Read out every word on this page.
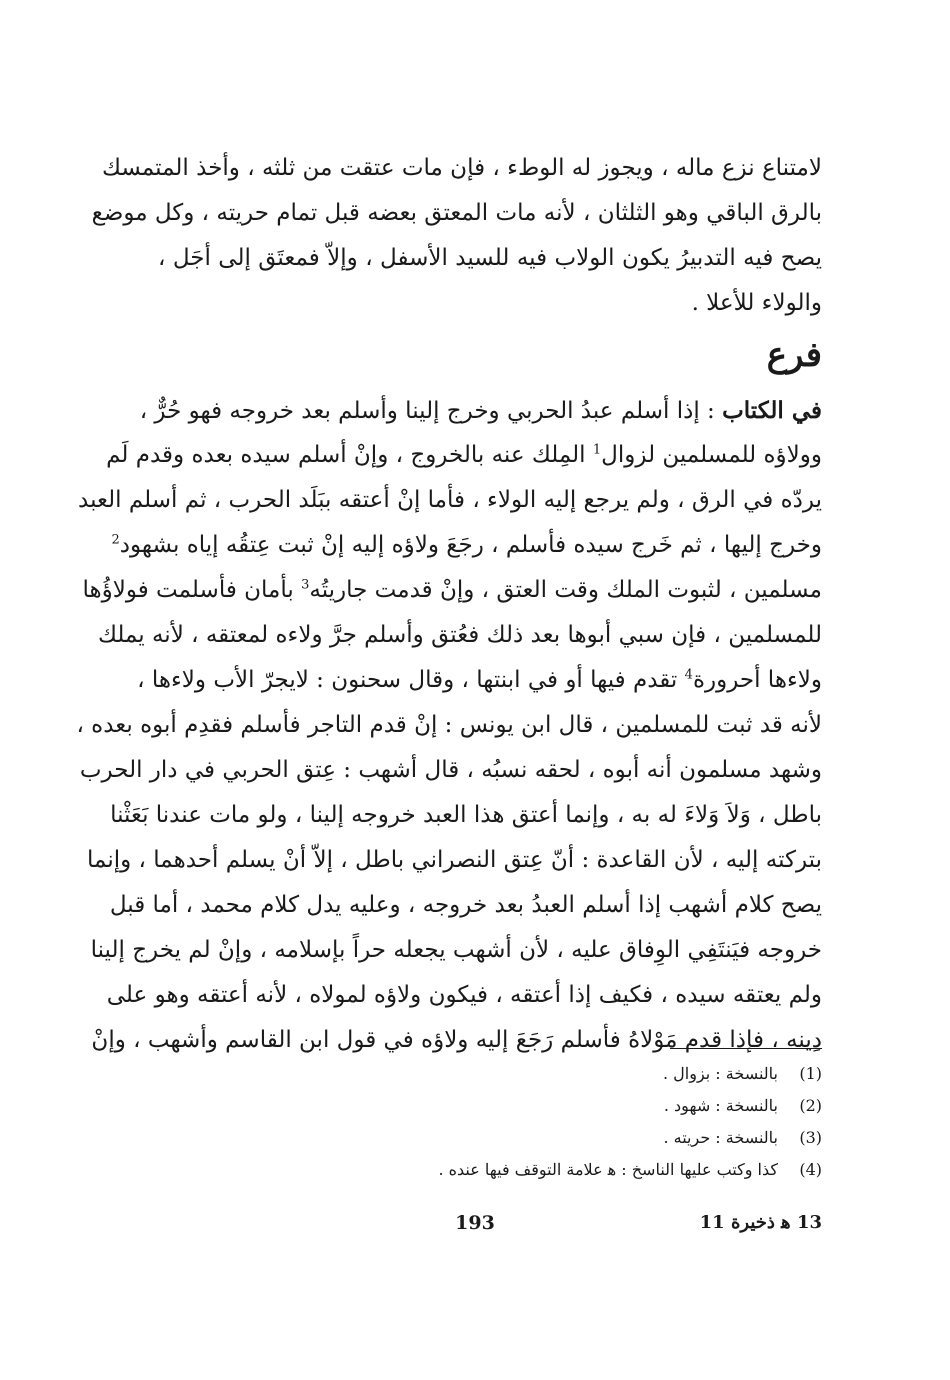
لامتناع نزع ماله ، ويجوز له الوطء ، فإن مات عتقت من ثلثه ، وأخذ المتمسك
بالرق الباقي وهو الثلثان ، لأنه مات المعتق بعضه قبل تمام حريته ، وكل موضع
يصح فيه التدبيرُ يكون الولاب فيه للسيد الأسفل ، وإلاّ فمعتَق إلى أجَل ،
والولاء للأعلا .
فرع
في الكتاب : إذا أسلم عبدُ الحربي وخرج إلينا وأسلم بعد خروجه فهو حُرٌّ ،
وولاؤه للمسلمين لزوال$^1$ المِلك عنه بالخروج ، وإنْ أسلم سيده بعده وقدم لَم
يردّه في الرق ، ولم يرجع إليه الولاء ، فأما إنْ أعتقه ببَلَد الحرب ، ثم أسلم العبد
وخرج إليها ، ثم خَرج سيده فأسلم ، رجَعَ ولاؤه إليه إنْ ثبت عِتقُه إياه بشهود$^2$
مسلمين ، لثبوت الملك وقت العتق ، وإنْ قدمت جاريتُه$^3$ بأمان فأسلمت فولاؤُها
للمسلمين ، فإن سبي أبوها بعد ذلك فعُتق وأسلم جرَّ ولاءه لمعتقه ، لأنه يملك
ولاءها أحرورة$^4$ تقدم فيها أو في ابنتها ، وقال سحنون : لايجرّ الأب ولاءها ،
لأنه قد ثبت للمسلمين ، قال ابن يونس : إنْ قدم التاجر فأسلم فقدِم أبوه بعده ،
وشهد مسلمون أنه أبوه ، لحقه نسبُه ، قال أشهب : عِتق الحربي في دار الحرب
باطل ، وَلاَ وَلاءَ له به ، وإنما أعتق هذا العبد خروجه إلينا ، ولو مات عندنا بَعَثْنا
بتركته إليه ، لأن القاعدة : أنّ عِتق النصراني باطل ، إلاّ أنْ يسلم أحدهما ، وإنما
يصح كلام أشهب إذا أسلم العبدُ بعد خروجه ، وعليه يدل كلام محمد ، أما قبل
خروجه فيَنتَفِي الوِفاق عليه ، لأن أشهب يجعله حراً بإسلامه ، وإنْ لم يخرج إلينا
ولم يعتقه سيده ، فكيف إذا أعتقه ، فيكون ولاؤه لمولاه ، لأنه أعتقه وهو على
دِينه ، فإذا قدم مَوْلاهُ فأسلم رَجَعَ إليه ولاؤه في قول ابن القاسم وأشهب ، وإنْ
(1)بالنسخة : بزوال .
(2)بالنسخة : شهود .
(3)بالنسخة : حريته .
(4)كذا وكتب عليها الناسخ : ﻫ علامة التوقف فيها عنده .
193	13 ﻫ ذخيرة 11
